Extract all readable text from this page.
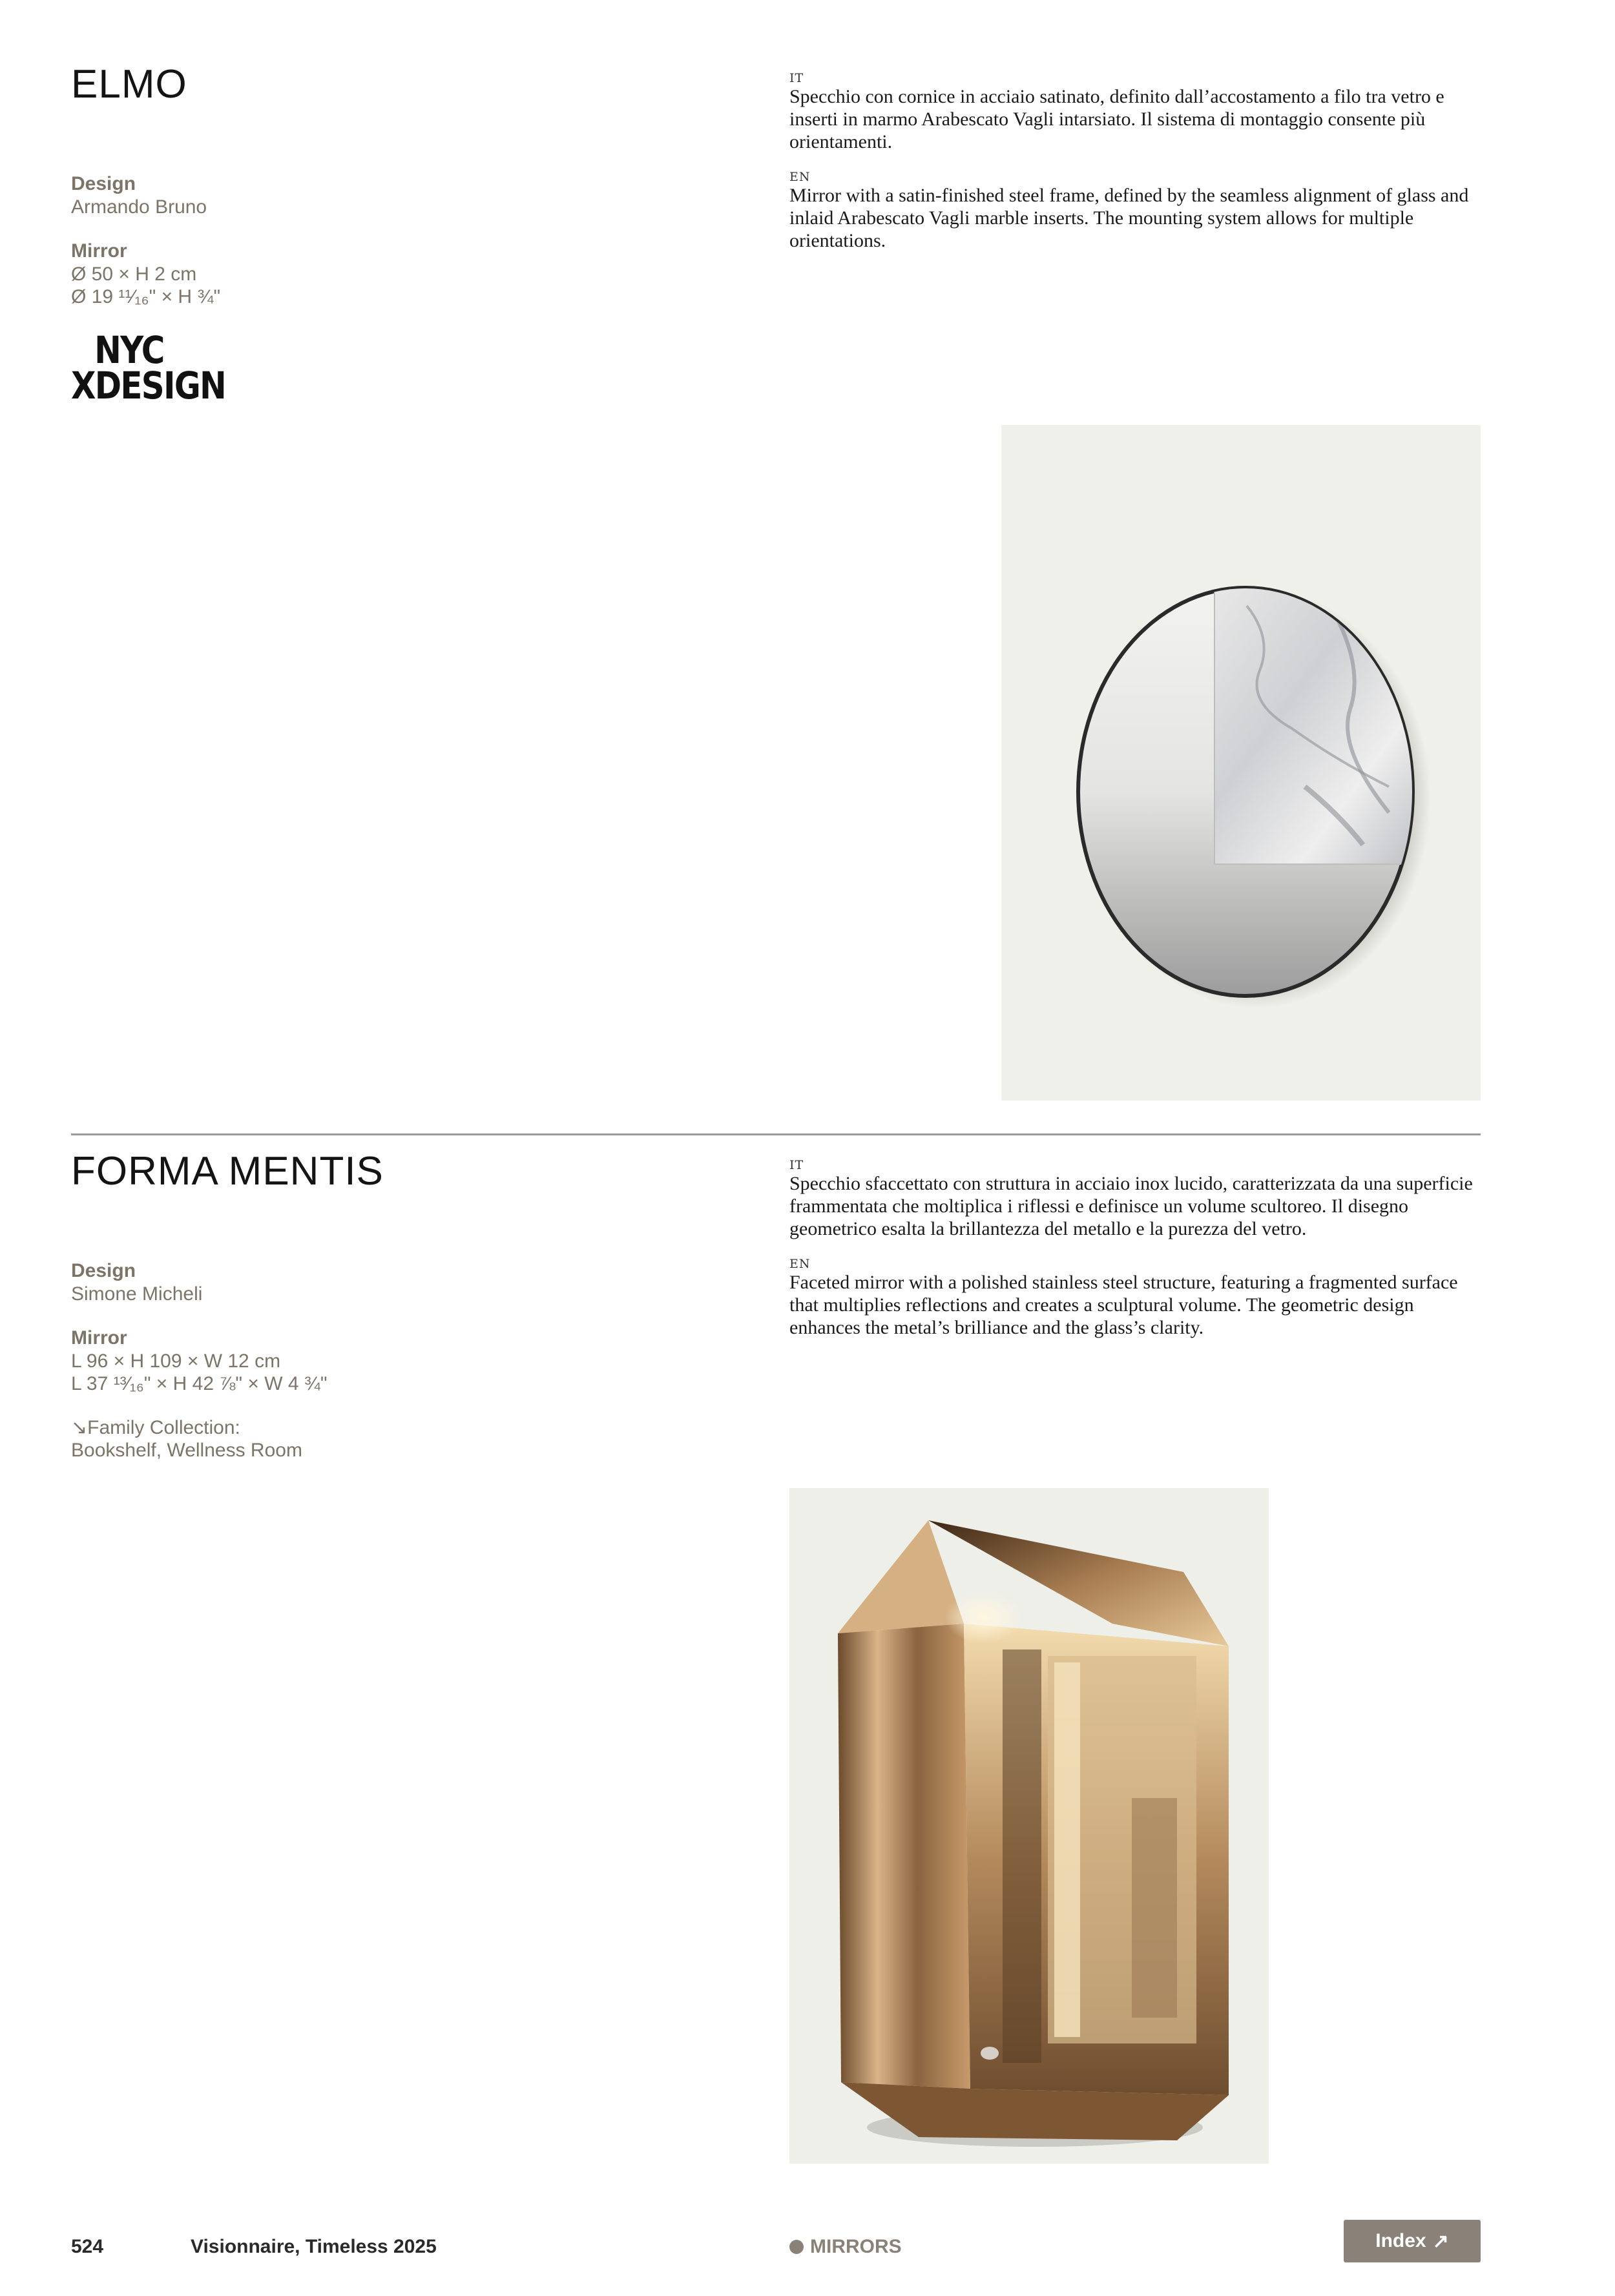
ELMO
Design
Armando Bruno
Mirror
Ø 50 × H 2 cm
Ø 19 ¹¹⁄₁₆" × H ¾"
NYC
XDESIGN
IT
Specchio con cornice in acciaio satinato, definito dall’accostamento a filo tra vetro e inserti in marmo Arabescato Vagli intarsiato. Il sistema di montaggio consente più orientamenti.
EN
Mirror with a satin-finished steel frame, defined by the seamless alignment of glass and inlaid Arabescato Vagli marble inserts. The mounting system allows for multiple orientations.
FORMA MENTIS
Design
Simone Micheli
Mirror
L 96 × H 109 × W 12 cm
L 37 ¹³⁄₁₆" × H 42 ⅞" × W 4 ¾"
↘Family Collection:
Bookshelf, Wellness Room
IT
Specchio sfaccettato con struttura in acciaio inox lucido, caratterizzata da una superficie frammentata che moltiplica i riflessi e definisce un volume scultoreo. Il disegno geometrico esalta la brillantezza del metallo e la purezza del vetro.
EN
Faceted mirror with a polished stainless steel structure, featuring a fragmented surface that multiplies reflections and creates a sculptural volume. The geometric design enhances the metal’s brilliance and the glass’s clarity.
524	Visionnaire, Timeless 2025	MIRRORS	Index ↗
